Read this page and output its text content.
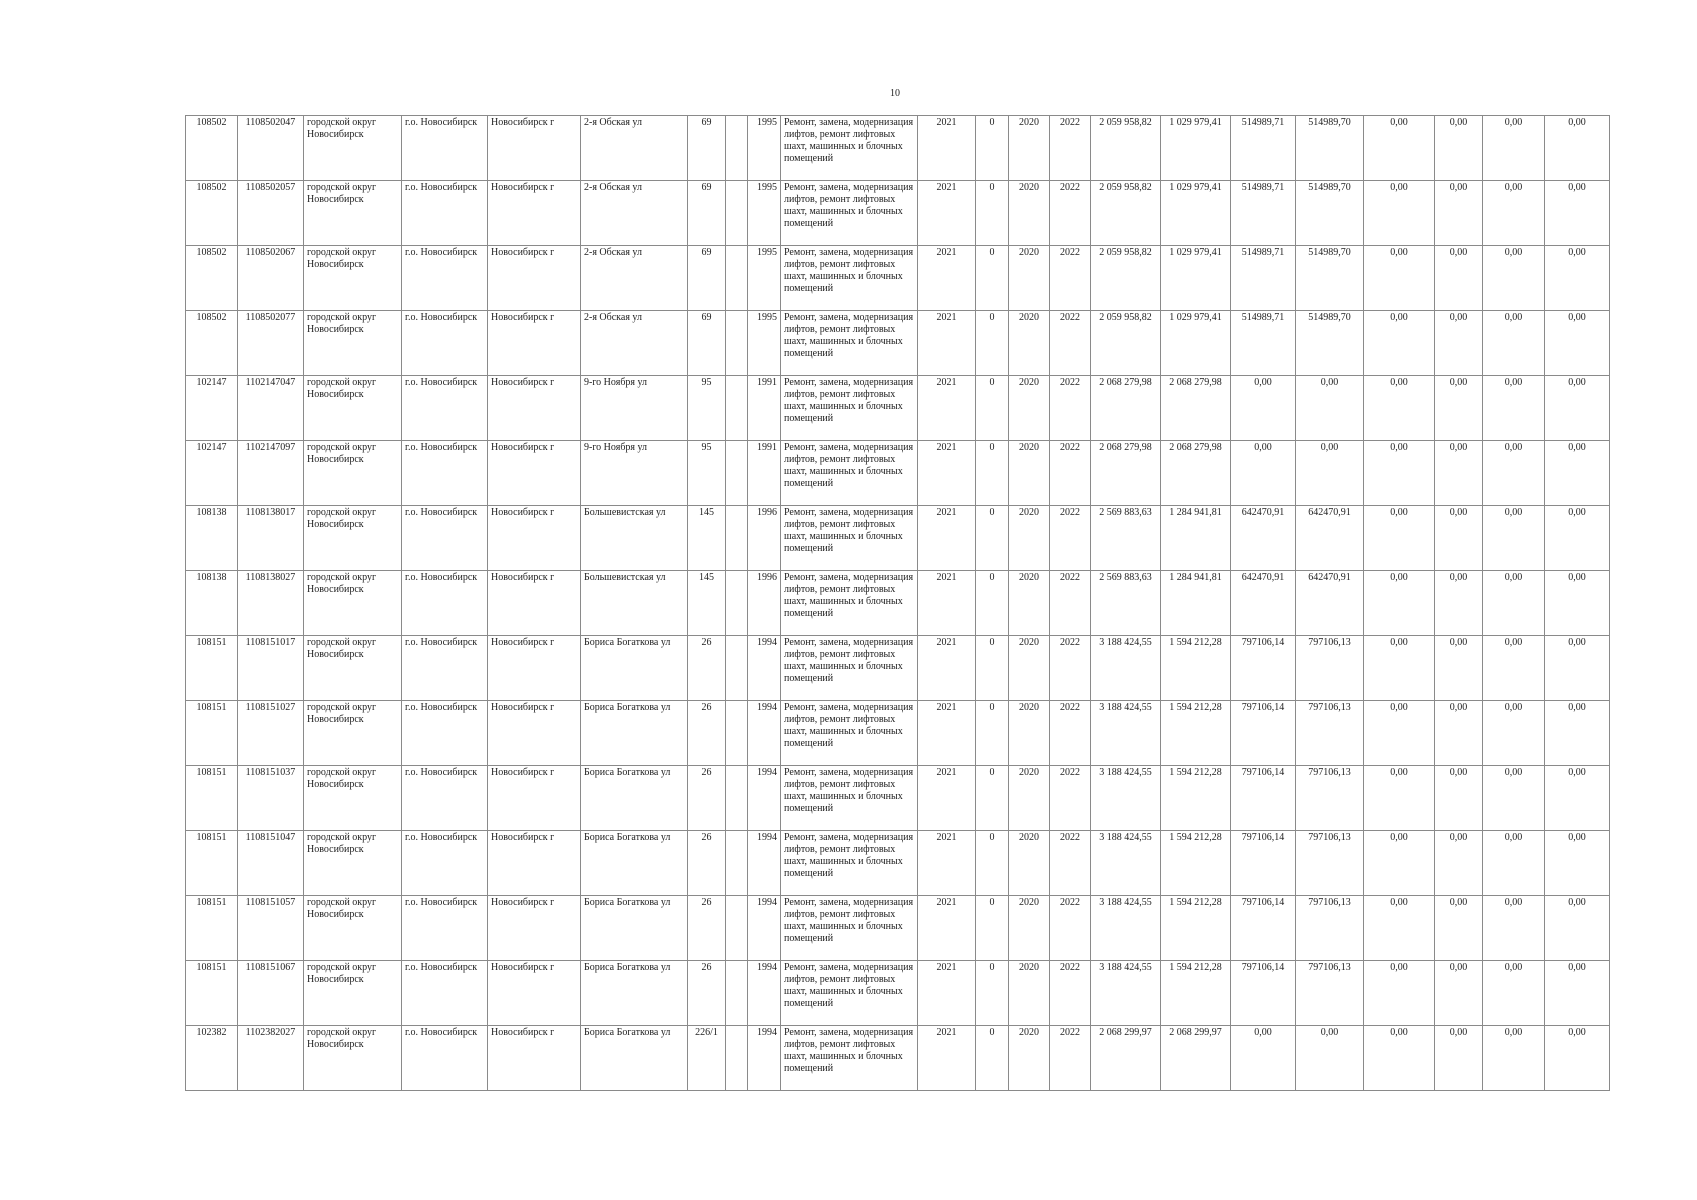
10
108502	1108502047	городской округ Новосибирск	г.о. Новосибирск	Новосибирск г	2-я Обская ул	69		1995	Ремонт, замена, модернизация лифтов, ремонт лифтовых шахт, машинных и блочных помещений	2021	0	2020	2022	2 059 958,82	1 029 979,41	514989,71	514989,70	0,00	0,00	0,00	0,00
108502	1108502057	городской округ Новосибирск	г.о. Новосибирск	Новосибирск г	2-я Обская ул	69		1995	Ремонт, замена, модернизация лифтов, ремонт лифтовых шахт, машинных и блочных помещений	2021	0	2020	2022	2 059 958,82	1 029 979,41	514989,71	514989,70	0,00	0,00	0,00	0,00
108502	1108502067	городской округ Новосибирск	г.о. Новосибирск	Новосибирск г	2-я Обская ул	69		1995	Ремонт, замена, модернизация лифтов, ремонт лифтовых шахт, машинных и блочных помещений	2021	0	2020	2022	2 059 958,82	1 029 979,41	514989,71	514989,70	0,00	0,00	0,00	0,00
108502	1108502077	городской округ Новосибирск	г.о. Новосибирск	Новосибирск г	2-я Обская ул	69		1995	Ремонт, замена, модернизация лифтов, ремонт лифтовых шахт, машинных и блочных помещений	2021	0	2020	2022	2 059 958,82	1 029 979,41	514989,71	514989,70	0,00	0,00	0,00	0,00
102147	1102147047	городской округ Новосибирск	г.о. Новосибирск	Новосибирск г	9-го Ноября ул	95		1991	Ремонт, замена, модернизация лифтов, ремонт лифтовых шахт, машинных и блочных помещений	2021	0	2020	2022	2 068 279,98	2 068 279,98	0,00	0,00	0,00	0,00	0,00	0,00
102147	1102147097	городской округ Новосибирск	г.о. Новосибирск	Новосибирск г	9-го Ноября ул	95		1991	Ремонт, замена, модернизация лифтов, ремонт лифтовых шахт, машинных и блочных помещений	2021	0	2020	2022	2 068 279,98	2 068 279,98	0,00	0,00	0,00	0,00	0,00	0,00
108138	1108138017	городской округ Новосибирск	г.о. Новосибирск	Новосибирск г	Большевистская ул	145		1996	Ремонт, замена, модернизация лифтов, ремонт лифтовых шахт, машинных и блочных помещений	2021	0	2020	2022	2 569 883,63	1 284 941,81	642470,91	642470,91	0,00	0,00	0,00	0,00
108138	1108138027	городской округ Новосибирск	г.о. Новосибирск	Новосибирск г	Большевистская ул	145		1996	Ремонт, замена, модернизация лифтов, ремонт лифтовых шахт, машинных и блочных помещений	2021	0	2020	2022	2 569 883,63	1 284 941,81	642470,91	642470,91	0,00	0,00	0,00	0,00
108151	1108151017	городской округ Новосибирск	г.о. Новосибирск	Новосибирск г	Бориса Богаткова ул	26		1994	Ремонт, замена, модернизация лифтов, ремонт лифтовых шахт, машинных и блочных помещений	2021	0	2020	2022	3 188 424,55	1 594 212,28	797106,14	797106,13	0,00	0,00	0,00	0,00
108151	1108151027	городской округ Новосибирск	г.о. Новосибирск	Новосибирск г	Бориса Богаткова ул	26		1994	Ремонт, замена, модернизация лифтов, ремонт лифтовых шахт, машинных и блочных помещений	2021	0	2020	2022	3 188 424,55	1 594 212,28	797106,14	797106,13	0,00	0,00	0,00	0,00
108151	1108151037	городской округ Новосибирск	г.о. Новосибирск	Новосибирск г	Бориса Богаткова ул	26		1994	Ремонт, замена, модернизация лифтов, ремонт лифтовых шахт, машинных и блочных помещений	2021	0	2020	2022	3 188 424,55	1 594 212,28	797106,14	797106,13	0,00	0,00	0,00	0,00
108151	1108151047	городской округ Новосибирск	г.о. Новосибирск	Новосибирск г	Бориса Богаткова ул	26		1994	Ремонт, замена, модернизация лифтов, ремонт лифтовых шахт, машинных и блочных помещений	2021	0	2020	2022	3 188 424,55	1 594 212,28	797106,14	797106,13	0,00	0,00	0,00	0,00
108151	1108151057	городской округ Новосибирск	г.о. Новосибирск	Новосибирск г	Бориса Богаткова ул	26		1994	Ремонт, замена, модернизация лифтов, ремонт лифтовых шахт, машинных и блочных помещений	2021	0	2020	2022	3 188 424,55	1 594 212,28	797106,14	797106,13	0,00	0,00	0,00	0,00
108151	1108151067	городской округ Новосибирск	г.о. Новосибирск	Новосибирск г	Бориса Богаткова ул	26		1994	Ремонт, замена, модернизация лифтов, ремонт лифтовых шахт, машинных и блочных помещений	2021	0	2020	2022	3 188 424,55	1 594 212,28	797106,14	797106,13	0,00	0,00	0,00	0,00
102382	1102382027	городской округ Новосибирск	г.о. Новосибирск	Новосибирск г	Бориса Богаткова ул	226/1		1994	Ремонт, замена, модернизация лифтов, ремонт лифтовых шахт, машинных и блочных помещений	2021	0	2020	2022	2 068 299,97	2 068 299,97	0,00	0,00	0,00	0,00	0,00	0,00
